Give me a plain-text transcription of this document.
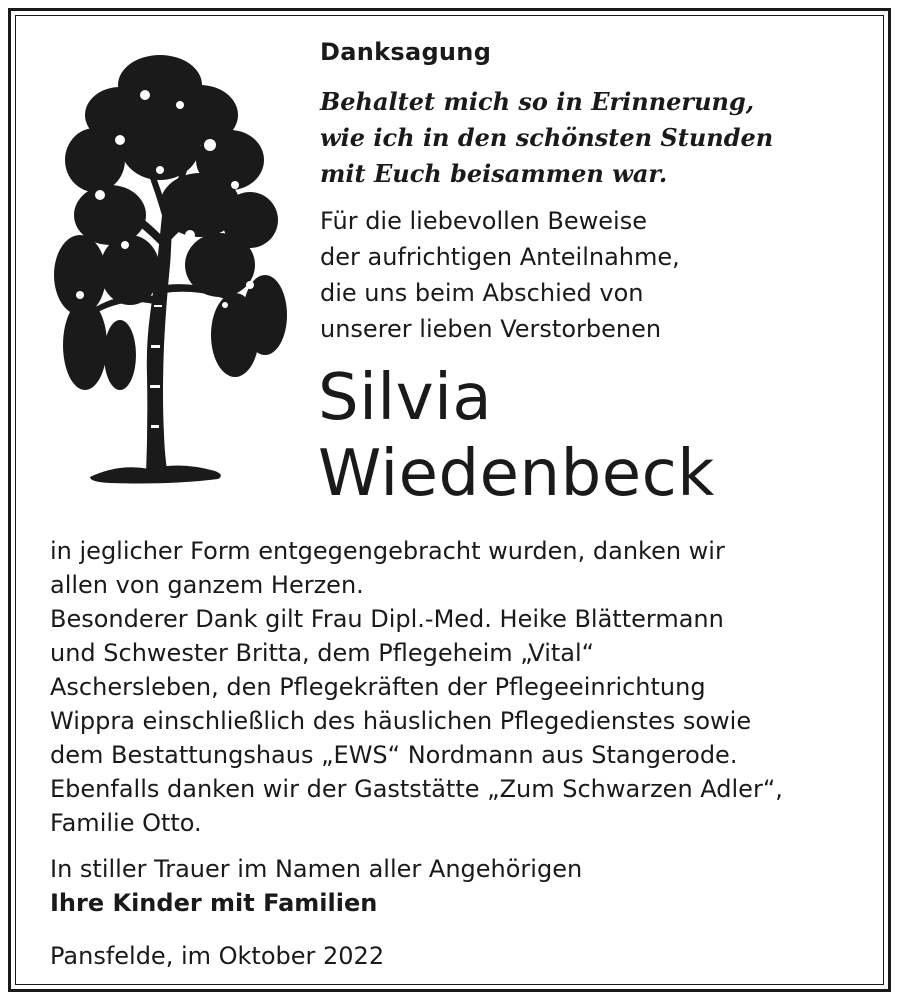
Danksagung
Behaltet mich so in Erinnerung,
wie ich in den schönsten Stunden
mit Euch beisammen war.
Für die liebevollen Beweise
der aufrichtigen Anteilnahme,
die uns beim Abschied von
unserer lieben Verstorbenen
Silvia
Wiedenbeck
in jeglicher Form entgegengebracht wurden, danken wir
allen von ganzem Herzen.
Besonderer Dank gilt Frau Dipl.-Med. Heike Blättermann
und Schwester Britta, dem Pflegeheim „Vital“
Aschersleben, den Pflegekräften der Pflegeeinrichtung
Wippra einschließlich des häuslichen Pflegedienstes sowie
dem Bestattungshaus „EWS“ Nordmann aus Stangerode.
Ebenfalls danken wir der Gaststätte „Zum Schwarzen Adler“,
Familie Otto.
In stiller Trauer im Namen aller Angehörigen
Ihre Kinder mit Familien
Pansfelde, im Oktober 2022
